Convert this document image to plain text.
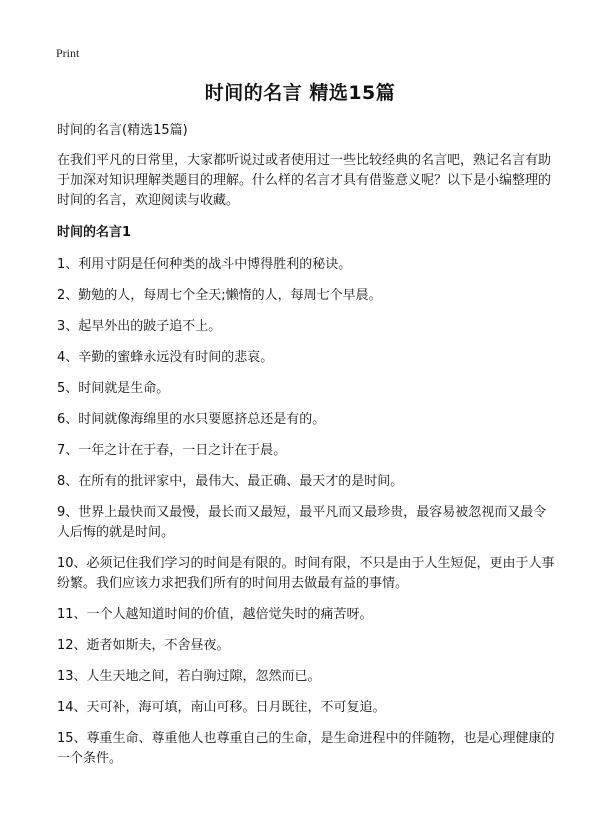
Print
时间的名言 精选15篇

时间的名言(精选15篇)

在我们平凡的日常里，大家都听说过或者使用过一些比较经典的名言吧，熟记名言有助于加深对知识理解类题目的理解。什么样的名言才具有借鉴意义呢？以下是小编整理的时间的名言，欢迎阅读与收藏。

时间的名言1

1、利用寸阴是任何种类的战斗中博得胜利的秘诀。

2、勤勉的人，每周七个全天;懒惰的人，每周七个早晨。

3、起早外出的跛子追不上。

4、辛勤的蜜蜂永远没有时间的悲哀。

5、时间就是生命。

6、时间就像海绵里的水只要愿挤总还是有的。

7、一年之计在于春，一日之计在于晨。

8、在所有的批评家中，最伟大、最正确、最天才的是时间。

9、世界上最快而又最慢，最长而又最短，最平凡而又最珍贵，最容易被忽视而又最令人后悔的就是时间。

10、必须记住我们学习的时间是有限的。时间有限，不只是由于人生短促，更由于人事纷繁。我们应该力求把我们所有的时间用去做最有益的事情。

11、一个人越知道时间的价值，越倍觉失时的痛苦呀。

12、逝者如斯夫，不舍昼夜。

13、人生天地之间，若白驹过隙，忽然而已。

14、天可补，海可填，南山可移。日月既往，不可复追。

15、尊重生命、尊重他人也尊重自己的生命，是生命进程中的伴随物，也是心理健康的一个条件。
